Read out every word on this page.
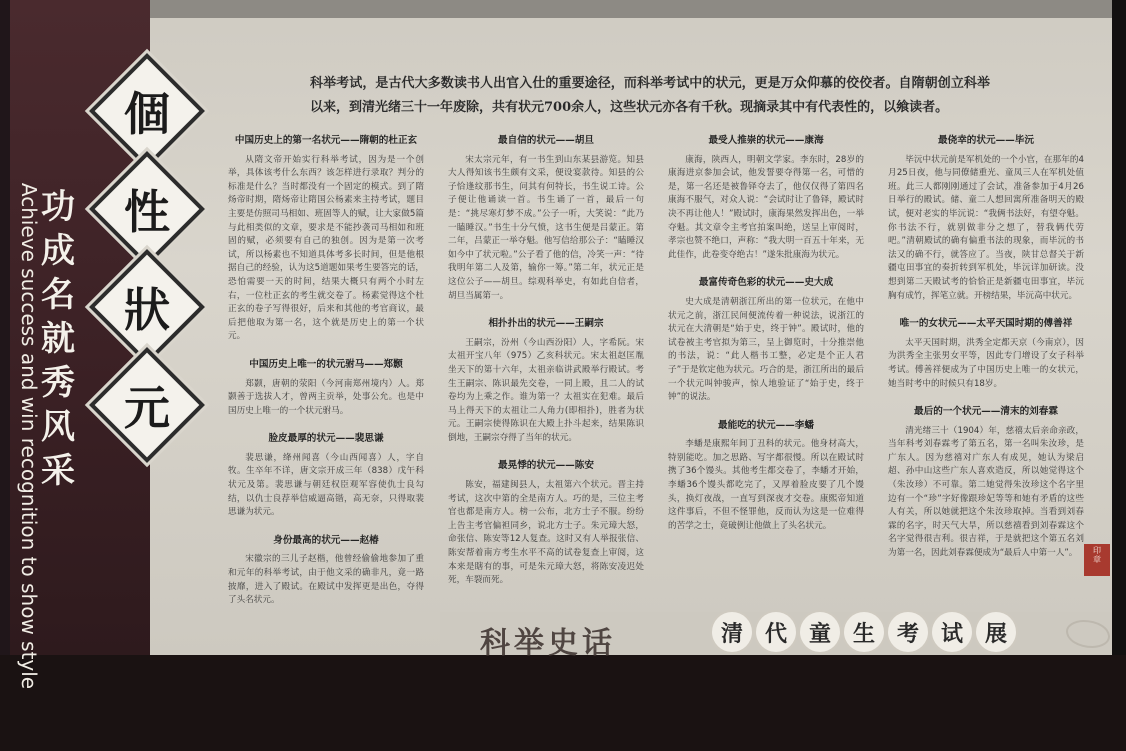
Achieve success and win recognition to show style 功
成
名
就
秀
风
采
個
性
狀
元
科举考试，是古代大多数读书人出官入仕的重要途径，而科举考试中的状元，更是万众仰慕的佼佼者。自隋朝创立科举以来，到清光绪三十一年废除，共有状元700余人，这些状元亦各有千秋。现摘录其中有代表性的，以飨读者。
中国历史上的第一名状元——隋朝的杜正玄
从隋文帝开始实行科举考试，因为是一个创举，具体该考什么东西？该怎样进行录取？判分的标准是什么？当时都没有一个固定的模式。到了隋炀帝时期，隋炀帝让隋国公杨素来主持考试，题目主要是仿照司马相如、班固等人的赋，让大家做5篇与此相类似的文章，要求是不能抄袭司马相如和班固的赋，必须要有自己的独创。因为是第一次考试，所以杨素也不知道具体考多长时间，但是他根据自己的经验，认为这5道题如果考生要答完的话，恐怕需要一天的时间，结果大概只有两个小时左右，一位杜正玄的考生就交卷了。杨素觉得这个杜正玄的卷子写得很好，后来和其他的考官商议，最后把他取为第一名，这个就是历史上的第一个状元。
中国历史上唯一的状元驸马——郑颢
郑颢，唐朝的荥阳（今河南郑州境内）人。郑颢善于选拔人才，曾两主贡举，处事公允。也是中国历史上唯一的一个状元驸马。
脸皮最厚的状元——裴思谦
裴思谦，绛州闻喜（今山西闻喜）人，字自牧。生卒年不详，唐文宗开成三年（838）戊午科状元及第。裴思谦与朝廷权臣观军容使仇士良勾结，以仇士良荐举信威逼高锴，高无奈，只得取裴思谦为状元。
身份最高的状元——赵椿
宋徽宗的三儿子赵楷，他曾经偷偷地参加了重和元年的科举考试，由于他文采的确非凡，竟一路披靡，进入了殿试。在殿试中发挥更是出色，夺得了头名状元。
最自信的状元——胡旦
宋太宗元年，有一书生到山东某县游览。知县大人得知该书生颇有文采，便设宴款待。知县的公子恰逢纹那书生，问其有何特长，书生说工诗。公子便让他诵读一首。书生诵了一首，最后一句是：“挑尽寒灯梦不成。”公子一听，大笑说：“此乃一瞌睡汉。”书生十分气愤，这书生便是吕蒙正。第二年，吕蒙正一举夺魁。他写信给那公子：“瞌睡汉如今中了状元啦。”公子看了他的信，冷笑一声：“待我明年第二人及第，输你一筹。”第二年，状元正是这位公子——胡旦。综观科举史，有如此自信者，胡旦当属第一。
相扑扑出的状元——王嗣宗
王嗣宗，汾州（今山西汾阳）人，字希阮。宋太祖开宝八年（975）乙亥科状元。宋太祖赵匡胤坐天下的第十六年，太祖亲临讲武殿举行殿试。考生王嗣宗、陈识最先交卷，一同上殿，且二人的试卷均为上乘之作。谁为第一？太祖实在犯难。最后马上得天下的太祖让二人角力(即相扑)，胜者为状元。王嗣宗使得陈识在大殿上扑斗起来，结果陈识倒地，王嗣宗夺得了当年的状元。
最晃悸的状元——陈安
陈安，福建闽县人，太祖第六个状元。晋主持考试，这次中第的全是南方人。巧的是，三位主考官也都是南方人。榜一公布，北方士子不服。纷纷上告主考官偏袒同乡，说北方士子。朱元璋大怒，命张信、陈安等12人复查。这时又有人举报张信、陈安帮着南方考生水平不高的试卷复查上审阅，这本来是瞎有的事，可是朱元璋大怒，将陈安凌迟处死，车裂而死。
最受人推崇的状元——康海
康海，陕西人，明朝文学家。李东时，28岁的康海进京参加会试，他发誓要夺得第一名，可惜的是，第一名还是被鲁铎夺去了，他仅仅得了第四名康海不服气，对众人说：“会试时让了鲁铎，殿试时决不再让他人！”殿试时，康海果然发挥出色，一举夺魁。其文章令主考官拍案叫绝，送呈上审阅时，孝宗也赞不绝口，声称：“我大明一百五十年来，无此佳作，此卷变夺绝古！”遂朱批康海为状元。
最富传奇色彩的状元——史大成
史大成是清朝浙江所出的第一位状元，在他中状元之前，浙江民间便流传着一种说法，说浙江的状元在大清朝是“始于史，终于钟”。殿试时，他的试卷被主考官拟为第三，呈上御览时，十分推崇他的书法，说：“此人楷书工整，必定是个正人君子”于是钦定他为状元。巧合的是，浙江所出的最后一个状元叫钟骏声，惊人地验证了“始于史，终于钟”的说法。
最能吃的状元——李蟠
李蟠是康熙年间丁丑科的状元。他身材高大，特别能吃。加之思路、写字都很慢。所以在殿试时携了36个馒头。其他考生都交卷了，李蟠才开始，李蟠36个馒头都吃完了，又厚着脸皮要了几个馒头，换灯夜战，一直写到深夜才交卷。康熙帝知道这件事后，不但不怪罪他，反而认为这是一位难得的苦学之士，竟破例让他做上了头名状元。
最侥幸的状元——毕沅
毕沅中状元前是军机处的一个小官，在那年的4月25日夜，他与同僚储重光、童凤三人在军机处值班。此三人都刚刚通过了会试，准备参加于4月26日举行的殿试。储、童二人想回寓所准备明天的殿试，便对老实的毕沅说：“我俩书法好，有望夺魁。你书法不行，就别做非分之想了，替我俩代劳吧。”清朝殿试的确有偏重书法的现象，而毕沅的书法又的确不行，就答应了。当夜，陕甘总督关于新疆屯田事宜的奏折转到军机处，毕沅详加研读。没想到第二天殿试考的恰恰正是新疆屯田事宜，毕沅胸有成竹，挥笔立就。开榜结果，毕沅高中状元。
唯一的女状元——太平天国时期的傅善祥
太平天国时期，洪秀全定都天京（今南京），因为洪秀全主张男女平等，因此专门增设了女子科举考试。傅善祥便成为了中国历史上唯一的女状元，她当时考中的时候只有18岁。
最后的一个状元——清末的刘春霖
清光绪三十（1904）年，慈禧太后亲命亲政，当年科考刘春霖考了第五名，第一名叫朱汝珍，是广东人。因为慈禧对广东人有成见，她认为梁启超、孙中山这些广东人喜欢造反，所以她觉得这个（朱汝珍）不可靠。第二她觉得朱汝珍这个名字里边有一个“珍”字好像跟珍妃等等和她有矛盾的这些人有关，所以她就把这个朱汝珍取掉。当看到刘春霖的名字，时天气大旱，所以慈禧看到刘春霖这个名字觉得很吉利。很吉祥，于是就把这个第五名刘为第一名，因此刘春霖便成为“最后人中第一人”。	印
章
科举史话	清 代 童 生 考 试 展
